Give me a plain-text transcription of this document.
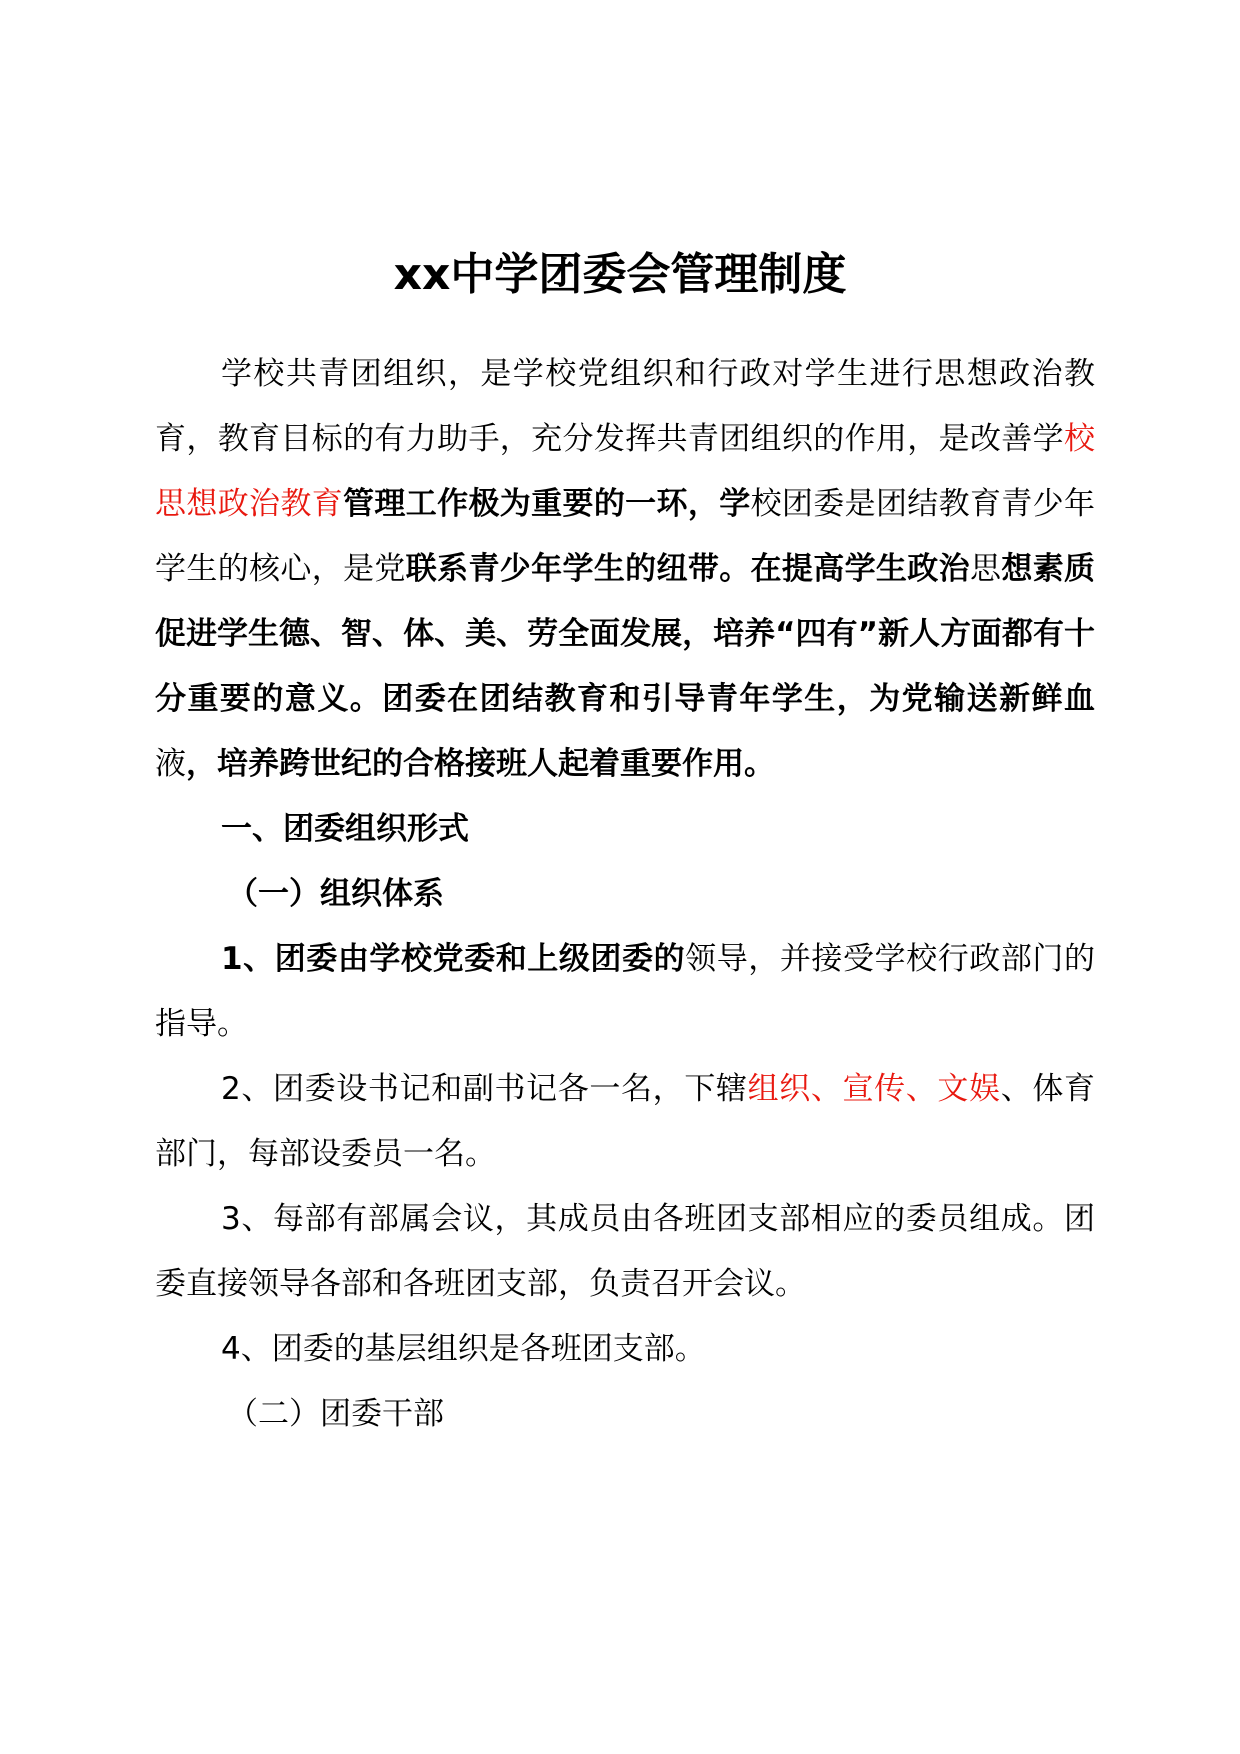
xx中学团委会管理制度

学校共青团组织，是学校党组织和行政对学生进行思想政治教育，教育目标的有力助手，充分发挥共青团组织的作用，是改善学校思想政治教育管理工作极为重要的一环，学校团委是团结教育青少年学生的核心，是党联系青少年学生的纽带。在提高学生政治思想素质促进学生德、智、体、美、劳全面发展，培养“四有”新人方面都有十分重要的意义。团委在团结教育和引导青年学生，为党输送新鲜血液，培养跨世纪的合格接班人起着重要作用。

一、团委组织形式

（一）组织体系

1、团委由学校党委和上级团委的领导，并接受学校行政部门的指导。

2、团委设书记和副书记各一名，下辖组织、宣传、文娱、体育部门，每部设委员一名。

3、每部有部属会议，其成员由各班团支部相应的委员组成。团委直接领导各部和各班团支部，负责召开会议。

4、团委的基层组织是各班团支部。

（二）团委干部
